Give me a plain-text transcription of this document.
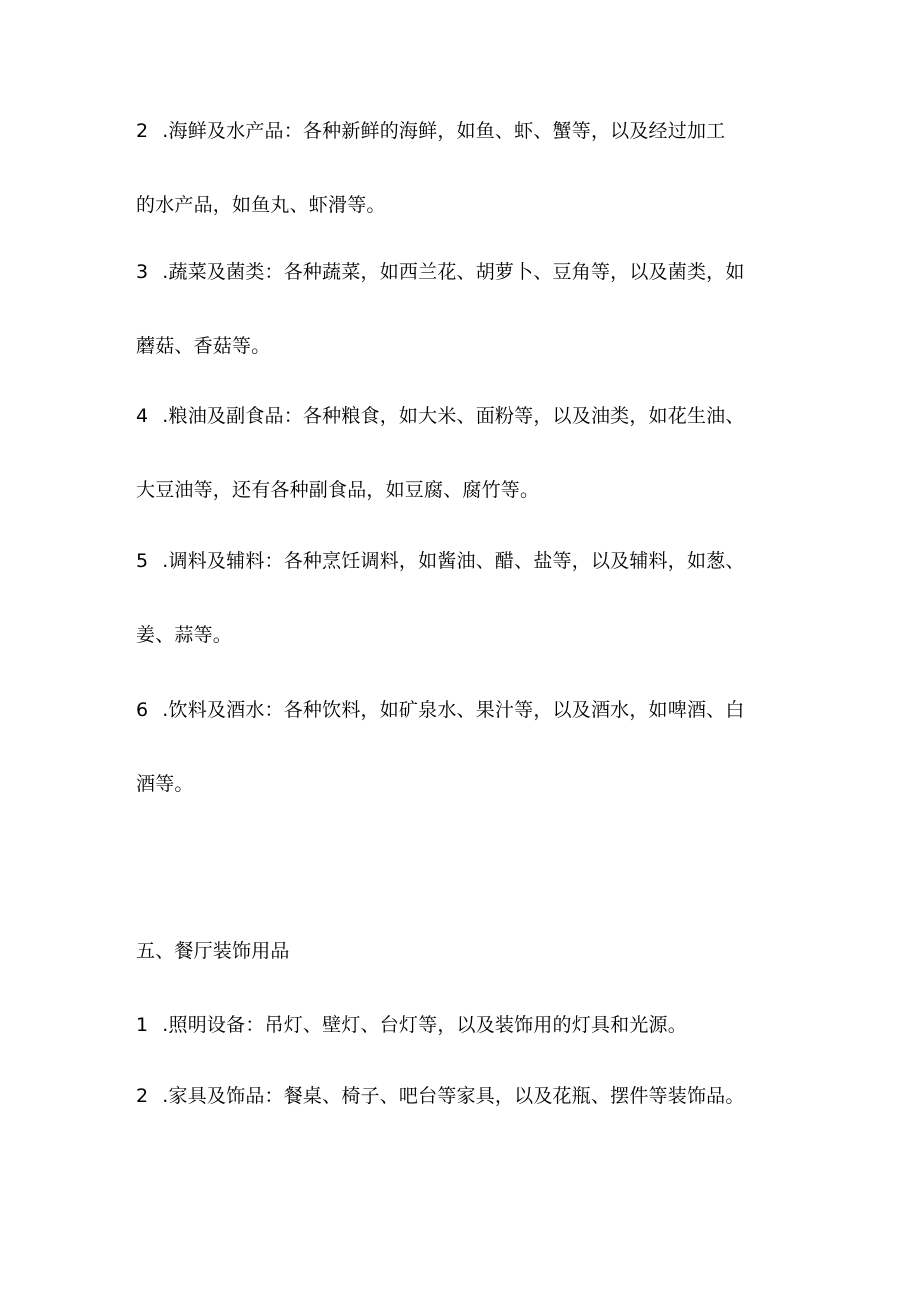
2 .海鲜及水产品：各种新鲜的海鲜，如鱼、虾、蟹等，以及经过加工

的水产品，如鱼丸、虾滑等。

3 .蔬菜及菌类：各种蔬菜，如西兰花、胡萝卜、豆角等，以及菌类，如

蘑菇、香菇等。

4 .粮油及副食品：各种粮食，如大米、面粉等，以及油类，如花生油、

大豆油等，还有各种副食品，如豆腐、腐竹等。

5 .调料及辅料：各种烹饪调料，如酱油、醋、盐等，以及辅料，如葱、

姜、蒜等。

6 .饮料及酒水：各种饮料，如矿泉水、果汁等，以及酒水，如啤酒、白

酒等。

五、餐厅装饰用品

1 .照明设备：吊灯、壁灯、台灯等，以及装饰用的灯具和光源。

2 .家具及饰品：餐桌、椅子、吧台等家具，以及花瓶、摆件等装饰品。
